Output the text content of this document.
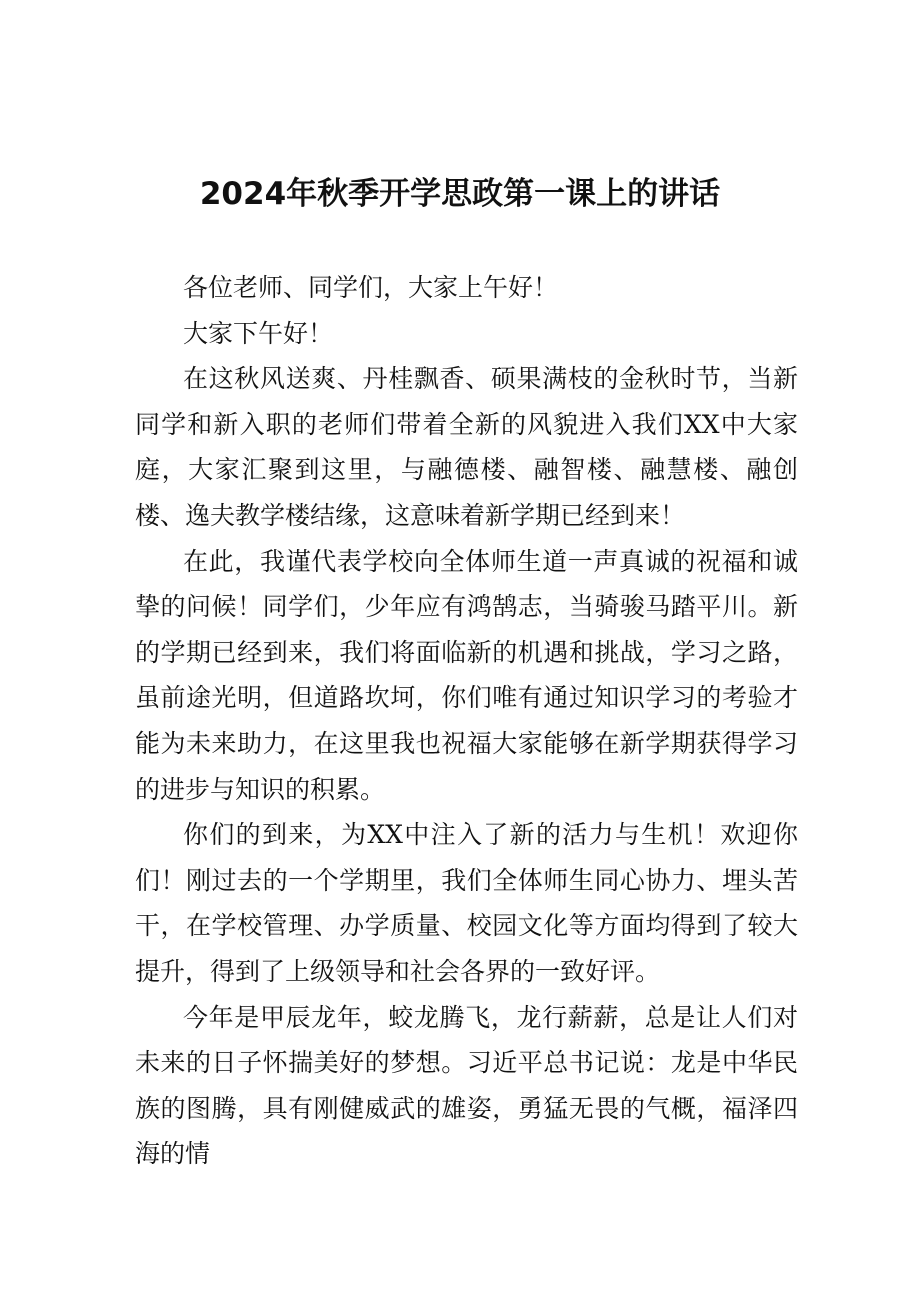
2024年秋季开学思政第一课上的讲话

各位老师、同学们，大家上午好！

大家下午好！

在这秋风送爽、丹桂飘香、硕果满枝的金秋时节，当新同学和新入职的老师们带着全新的风貌进入我们XX中大家庭，大家汇聚到这里，与融德楼、融智楼、融慧楼、融创楼、逸夫教学楼结缘，这意味着新学期已经到来！

在此，我谨代表学校向全体师生道一声真诚的祝福和诚挚的问候！同学们，少年应有鸿鹄志，当骑骏马踏平川。新的学期已经到来，我们将面临新的机遇和挑战，学习之路，虽前途光明，但道路坎坷，你们唯有通过知识学习的考验才能为未来助力，在这里我也祝福大家能够在新学期获得学习的进步与知识的积累。

你们的到来，为XX中注入了新的活力与生机！欢迎你们！刚过去的一个学期里，我们全体师生同心协力、埋头苦干，在学校管理、办学质量、校园文化等方面均得到了较大提升，得到了上级领导和社会各界的一致好评。

今年是甲辰龙年，蛟龙腾飞，龙行薪薪，总是让人们对未来的日子怀揣美好的梦想。习近平总书记说：龙是中华民族的图腾，具有刚健威武的雄姿，勇猛无畏的气概，福泽四海的情
